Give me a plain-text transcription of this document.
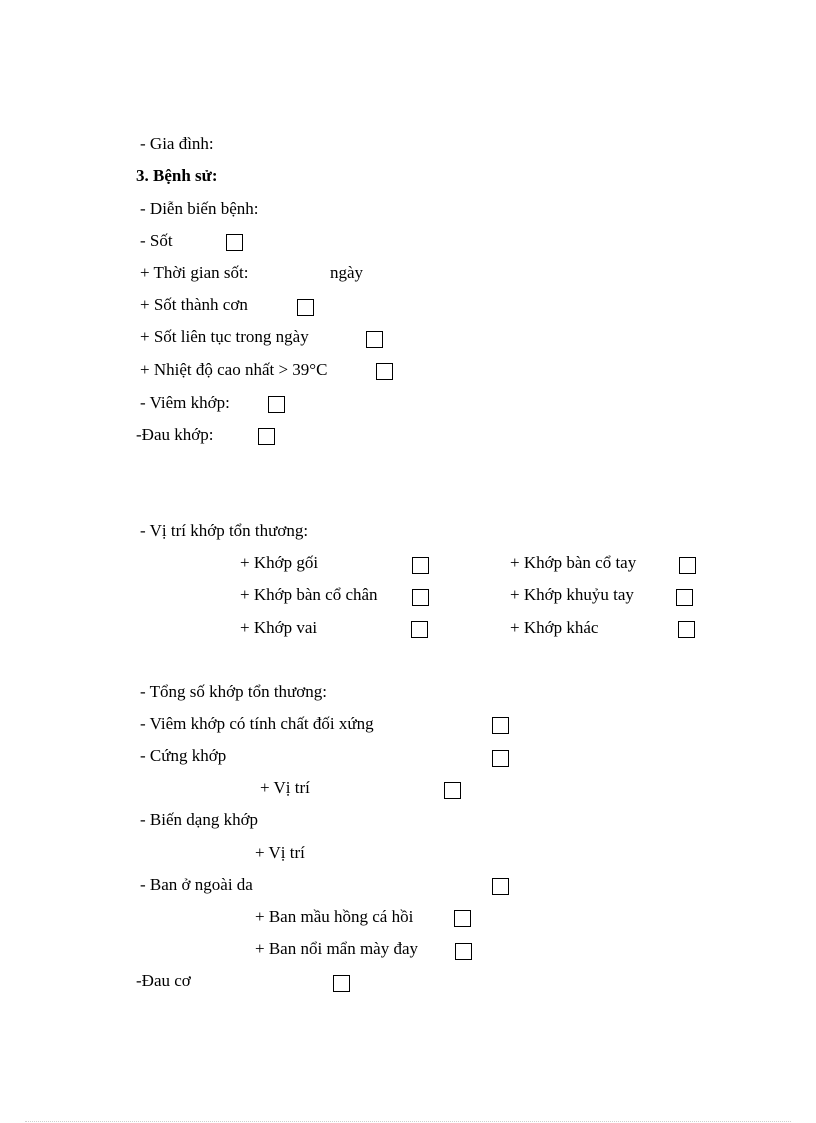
- Gia đình:
3. Bệnh sử:
- Diễn biến bệnh:
- Sốt
+ Thời gian sốt:	ngày
+ Sốt thành cơn
+ Sốt liên tục trong ngày
+ Nhiệt độ cao nhất > 39°C
- Viêm khớp:
-Đau khớp:
- Vị trí khớp tổn thương:
+ Khớp gối	+ Khớp bàn cổ tay
+ Khớp bàn cổ chân	+ Khớp khuỷu tay
+ Khớp vai	+ Khớp khác
- Tổng số khớp tổn thương:
- Viêm khớp có tính chất đối xứng
- Cứng khớp
+ Vị trí
- Biến dạng khớp
+ Vị trí
- Ban ở ngoài da
+ Ban mầu hồng cá hồi
+ Ban nổi mẩn mày đay
-Đau cơ
